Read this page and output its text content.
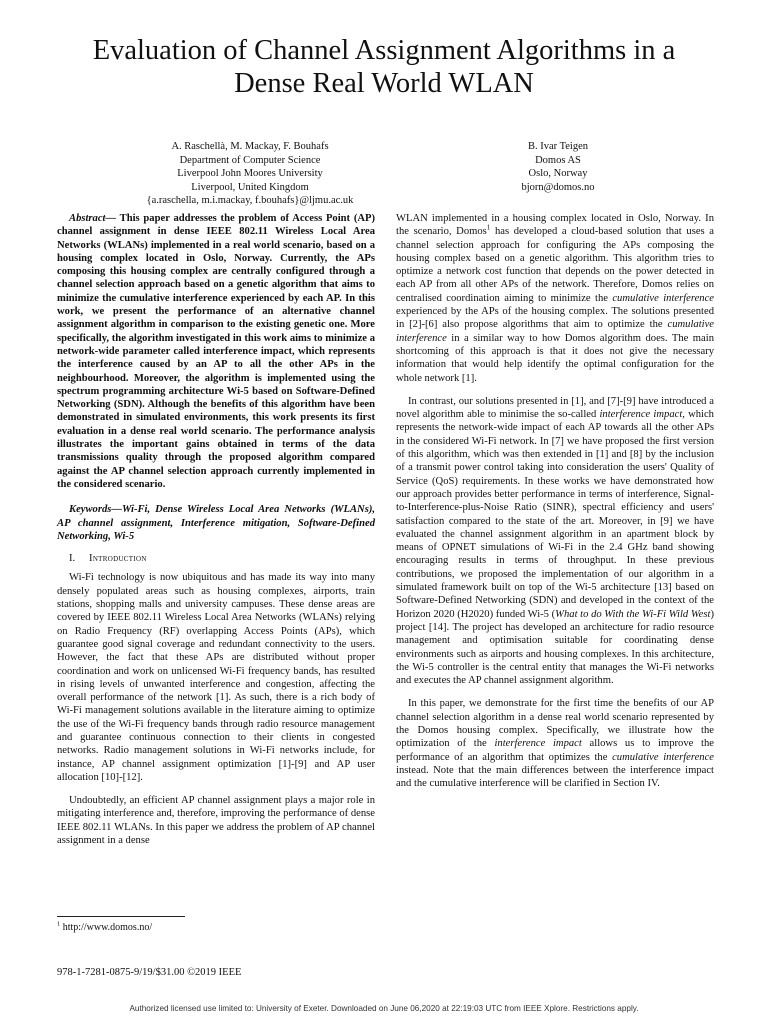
Evaluation of Channel Assignment Algorithms in a
Dense Real World WLAN
A. Raschellà, M. Mackay, F. Bouhafs
Department of Computer Science
Liverpool John Moores University
Liverpool, United Kingdom
{a.raschella, m.i.mackay, f.bouhafs}@ljmu.ac.uk
B. Ivar Teigen
Domos AS
Oslo, Norway
bjorn@domos.no

Abstract— This paper addresses the problem of Access Point (AP) channel assignment in dense IEEE 802.11 Wireless Local Area Networks (WLANs) implemented in a real world scenario, based on a housing complex located in Oslo, Norway. Currently, the APs composing this housing complex are centrally configured through a channel selection approach based on a genetic algorithm that aims to minimize the cumulative interference experienced by each AP. In this work, we present the performance of an alternative channel assignment algorithm in comparison to the existing genetic one. More specifically, the algorithm investigated in this work aims to minimize a network-wide parameter called interference impact, which represents the interference caused by an AP to all the other APs in the neighbourhood. Moreover, the algorithm is implemented using the spectrum programming architecture Wi-5 based on Software-Defined Networking (SDN). Although the benefits of this algorithm have been demonstrated in simulated environments, this work presents its first evaluation in a dense real world scenario. The performance analysis illustrates the important gains obtained in terms of the data transmissions quality through the proposed algorithm compared against the AP channel selection approach currently implemented in the considered scenario.

Keywords—Wi-Fi, Dense Wireless Local Area Networks (WLANs), AP channel assignment, Interference mitigation, Software-Defined Networking, Wi-5

I. Introduction

Wi-Fi technology is now ubiquitous and has made its way into many densely populated areas such as housing complexes, airports, train stations, shopping malls and university campuses. These dense areas are covered by IEEE 802.11 Wireless Local Area Networks (WLANs) relying on Radio Frequency (RF) overlapping Access Points (APs), which guarantee good signal coverage and redundant connectivity to the users. However, the fact that these APs are distributed without proper coordination and work on unlicensed Wi-Fi frequency bands, has resulted in rising levels of unwanted interference and congestion, affecting the overall performance of the network [1]. As such, there is a rich body of Wi-Fi management solutions available in the literature aiming to optimize the use of the Wi-Fi frequency bands through radio resource management and guarantee continuous connection to their clients in congested networks. Radio management solutions in Wi-Fi networks include, for instance, AP channel assignment optimization [1]-[9] and AP user allocation [10]-[12].

Undoubtedly, an efficient AP channel assignment plays a major role in mitigating interference and, therefore, improving the performance of dense IEEE 802.11 WLANs. In this paper we address the problem of AP channel assignment in a dense

WLAN implemented in a housing complex located in Oslo, Norway. In the scenario, Domos$^1$ has developed a cloud-based solution that uses a channel selection approach for configuring the APs composing the housing complex based on a genetic algorithm. This algorithm tries to optimize a network cost function that depends on the power detected in each AP from all other APs of the network. Therefore, Domos relies on centralised coordination aiming to minimize the cumulative interference experienced by the APs of the housing complex. The solutions presented in [2]-[6] also propose algorithms that aim to optimize the cumulative interference in a similar way to how Domos algorithm does. The main shortcoming of this approach is that it does not give the necessary information that would help identify the optimal configuration for the whole network [1].

In contrast, our solutions presented in [1], and [7]-[9] have introduced a novel algorithm able to minimise the so-called interference impact, which represents the network-wide impact of each AP towards all the other APs in the considered Wi-Fi network. In [7] we have proposed the first version of this algorithm, which was then extended in [1] and [8] by the inclusion of a transmit power control taking into consideration the users' Quality of Service (QoS) requirements. In these works we have demonstrated how our approach provides better performance in terms of interference, Signal-to-Interference-plus-Noise Ratio (SINR), spectral efficiency and users' satisfaction compared to the state of the art. Moreover, in [9] we have evaluated the channel assignment algorithm in an apartment block by means of OPNET simulations of Wi-Fi in the 2.4 GHz band showing encouraging results in terms of throughput. In these previous contributions, we proposed the implementation of our algorithm in a simulated framework built on top of the Wi-5 architecture [13] based on Software-Defined Networking (SDN) and developed in the context of the Horizon 2020 (H2020) funded Wi-5 (What to do With the Wi-Fi Wild West) project [14]. The project has developed an architecture for radio resource management and optimisation suitable for coordinating dense environments such as airports and housing complexes. In this architecture, the Wi-5 controller is the central entity that manages the Wi-Fi networks and executes the AP channel assignment algorithm.

In this paper, we demonstrate for the first time the benefits of our AP channel selection algorithm in a dense real world scenario represented by the Domos housing complex. Specifically, we illustrate how the optimization of the interference impact allows us to improve the performance of an algorithm that optimizes the cumulative interference instead. Note that the main differences between the interference impact and the cumulative interference will be clarified in Section IV.

$^1$ http://www.domos.no/
978-1-7281-0875-9/19/$31.00 ©2019 IEEE
Authorized licensed use limited to: University of Exeter. Downloaded on June 06,2020 at 22:19:03 UTC from IEEE Xplore. Restrictions apply.
